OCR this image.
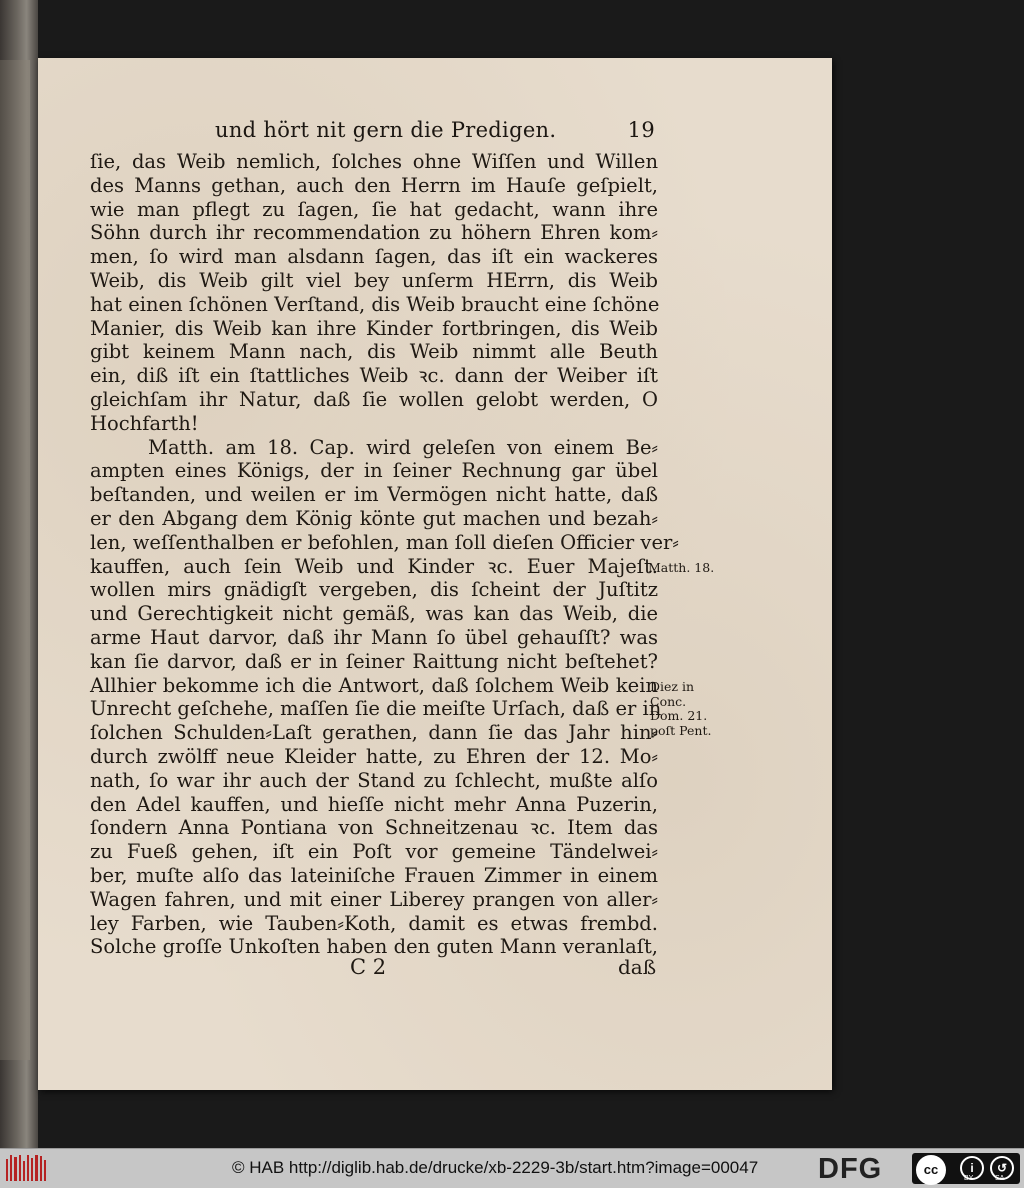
und hört nit gern die Predigen.	19
ſie, das Weib nemlich, ſolches ohne Wiſſen und Willen
des Manns gethan, auch den Herrn im Hauſe geſpielt,
wie man pflegt zu ſagen, ſie hat gedacht, wann ihre
Söhn durch ihr recommendation zu höhern Ehren kom⸗
men, ſo wird man alsdann ſagen, das iſt ein wackeres
Weib, dis Weib gilt viel bey unſerm HErrn, dis Weib
hat einen ſchönen Verſtand, dis Weib braucht eine ſchöne
Manier, dis Weib kan ihre Kinder fortbringen, dis Weib
gibt keinem Mann nach, dis Weib nimmt alle Beuth
ein, diß iſt ein ſtattliches Weib ꝛc. dann der Weiber iſt
gleichſam ihr Natur, daß ſie wollen gelobt werden, O
Hochfarth!
Matth. am 18. Cap. wird geleſen von einem Be⸗
ampten eines Königs, der in ſeiner Rechnung gar übel
beſtanden, und weilen er im Vermögen nicht hatte, daß
er den Abgang dem König könte gut machen und bezah⸗
len, weſſenthalben er befohlen, man ſoll dieſen Officier ver⸗
kauffen, auch ſein Weib und Kinder ꝛc. Euer Majeſt.
wollen mirs gnädigſt vergeben, dis ſcheint der Juſtitz
und Gerechtigkeit nicht gemäß, was kan das Weib, die
arme Haut darvor, daß ihr Mann ſo übel gehauſſt? was
kan ſie darvor, daß er in ſeiner Raittung nicht beſtehet?
Allhier bekomme ich die Antwort, daß ſolchem Weib kein
Unrecht geſchehe, maſſen ſie die meiſte Urſach, daß er in
ſolchen Schulden⸗Laſt gerathen, dann ſie das Jahr hin⸗
durch zwölff neue Kleider hatte, zu Ehren der 12. Mo⸗
nath, ſo war ihr auch der Stand zu ſchlecht, mußte alſo
den Adel kauffen, und hieſſe nicht mehr Anna Puzerin,
ſondern Anna Pontiana von Schneitzenau ꝛc. Item das
zu Fueß gehen, iſt ein Poſt vor gemeine Tändelwei⸗
ber, muſte alſo das lateiniſche Frauen Zimmer in einem
Wagen fahren, und mit einer Liberey prangen von aller⸗
ley Farben, wie Tauben⸗Koth, damit es etwas frembd.
Solche groſſe Unkoſten haben den guten Mann veranlaſt,
Matth. 18.
Diez in
Conc.
Dom. 21.
poſt Pent.
C 2	daß
© HAB http://diglib.hab.de/drucke/xb-2229-3b/start.htm?image=00047 DFG	cc	i	↺
BY	SA
